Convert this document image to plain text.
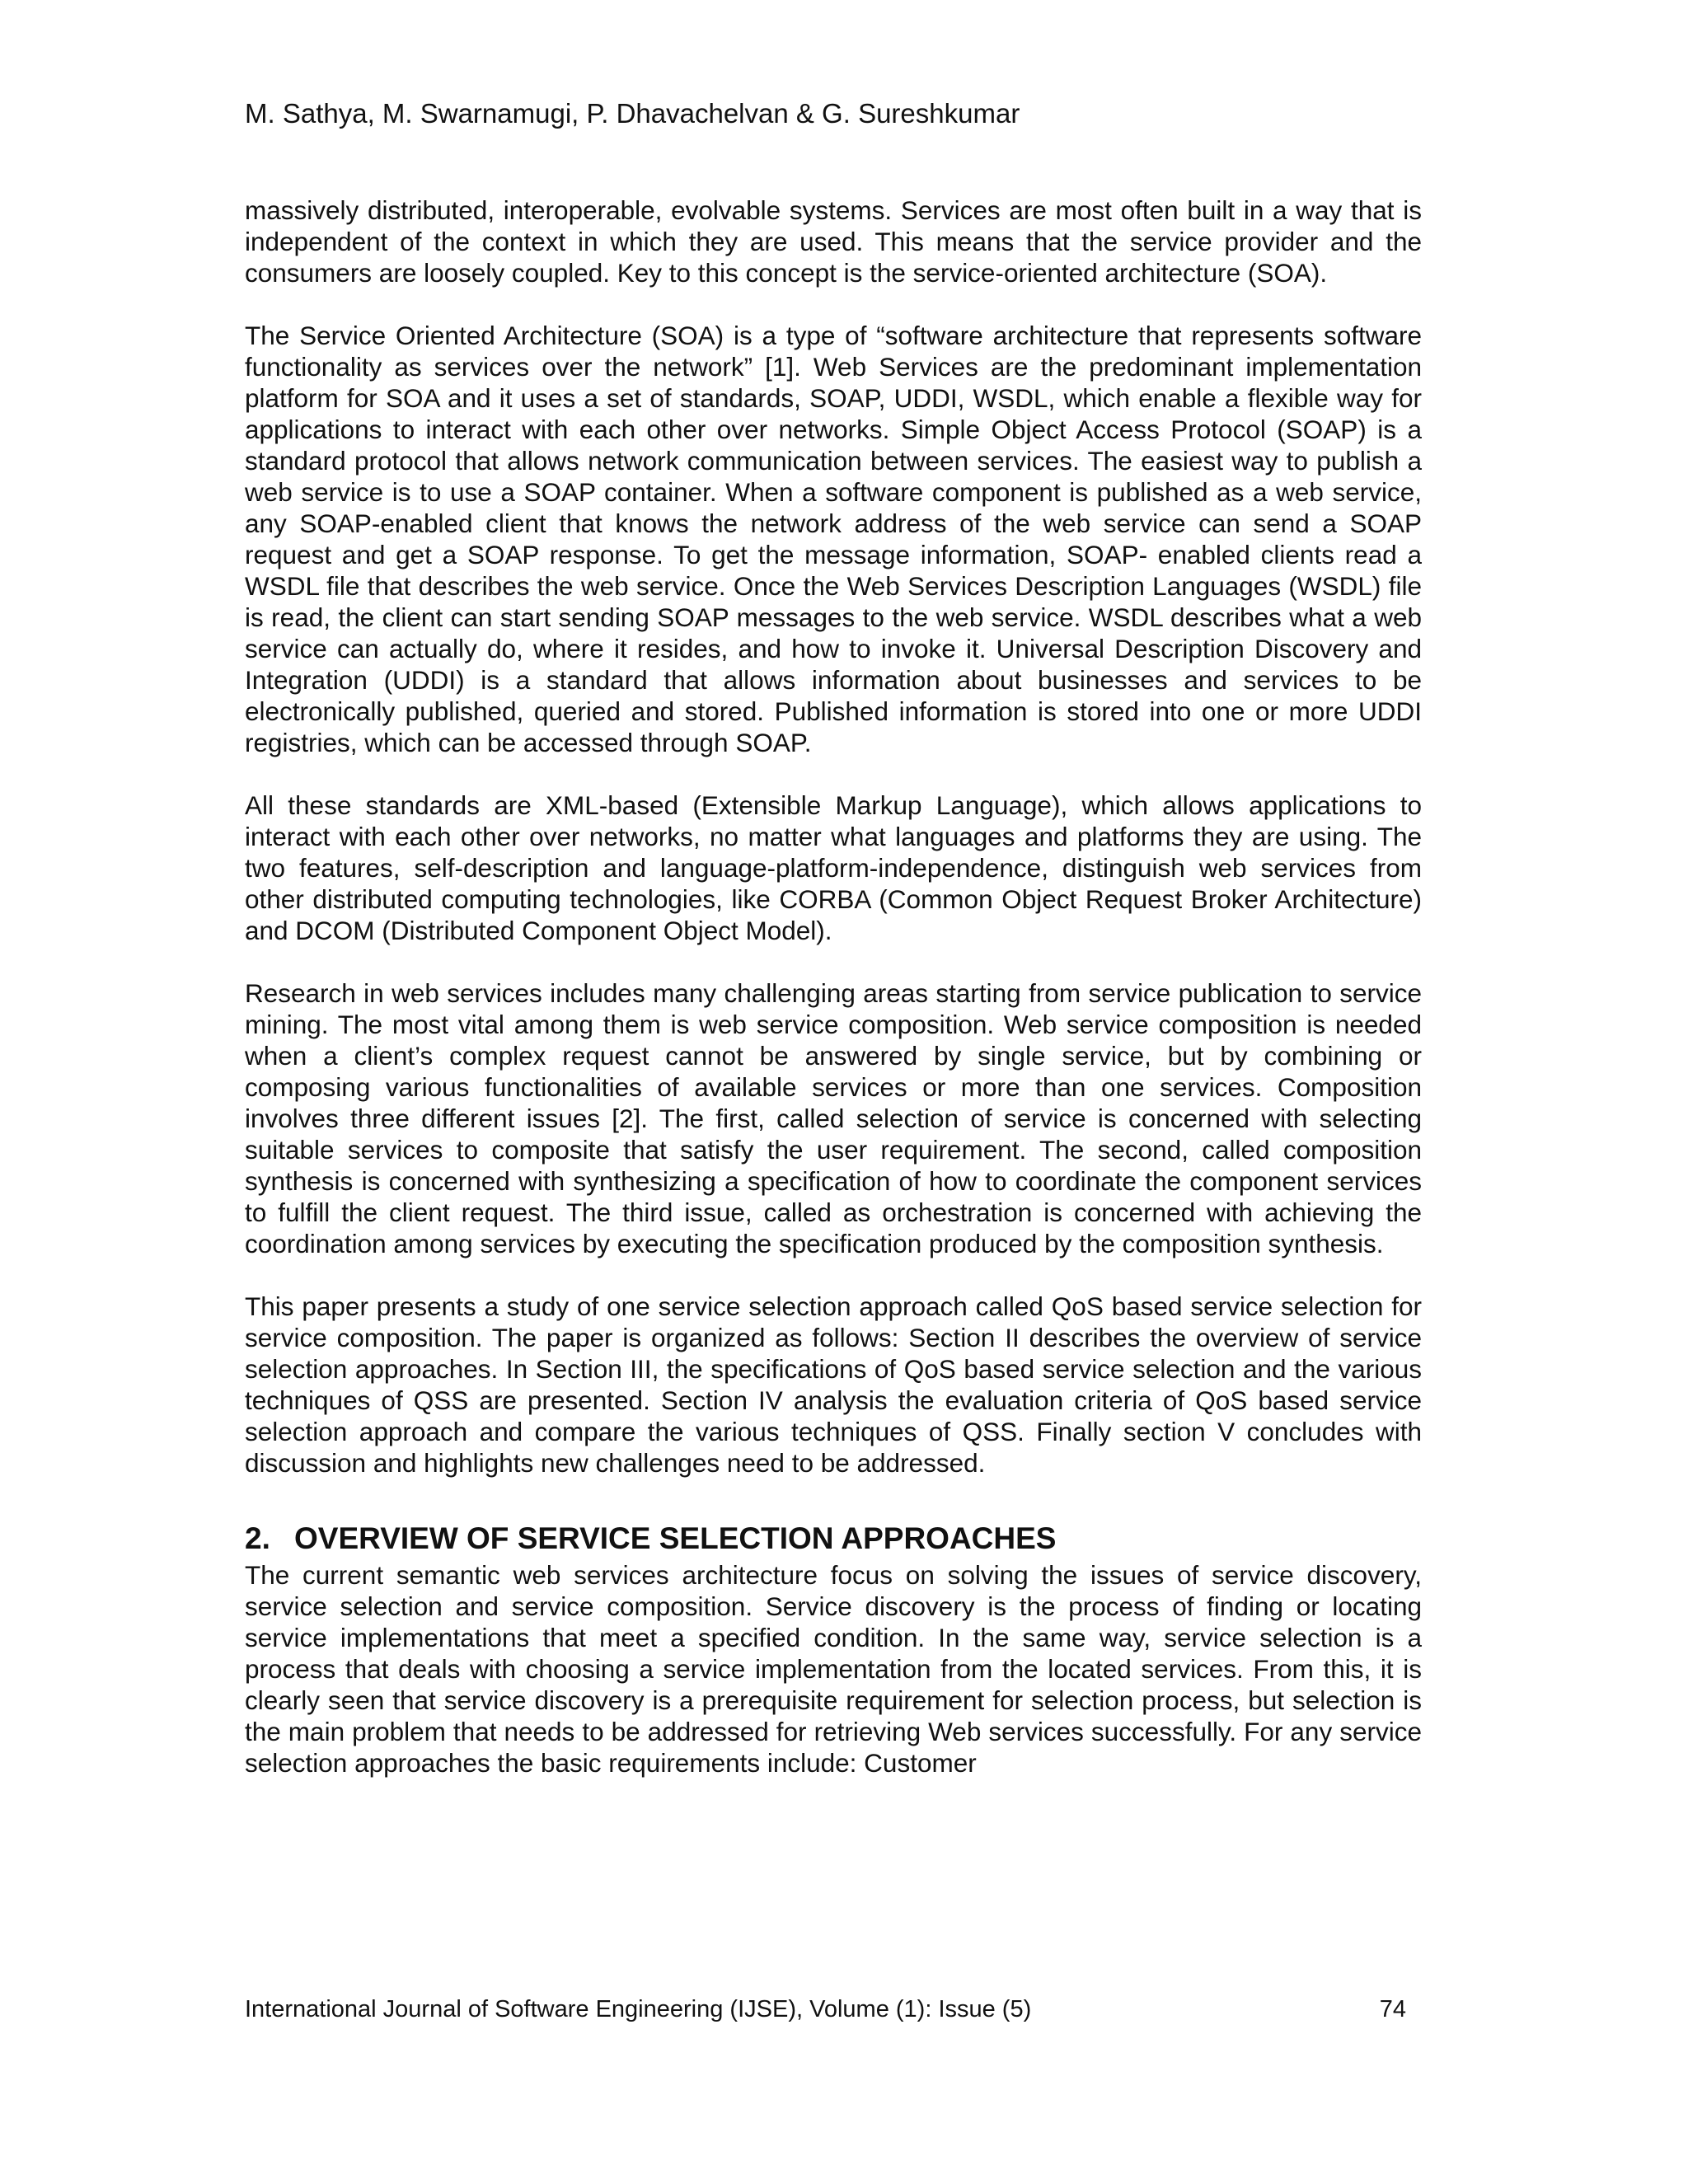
M. Sathya, M. Swarnamugi, P. Dhavachelvan & G. Sureshkumar

massively distributed, interoperable, evolvable systems. Services are most often built in a way that is independent of the context in which they are used. This means that the service provider and the consumers are loosely coupled. Key to this concept is the service-oriented architecture (SOA).

The Service Oriented Architecture (SOA) is a type of “software architecture that represents software functionality as services over the network” [1]. Web Services are the predominant implementation platform for SOA and it uses a set of standards, SOAP, UDDI, WSDL, which enable a flexible way for applications to interact with each other over networks. Simple Object Access Protocol (SOAP) is a standard protocol that allows network communication between services. The easiest way to publish a web service is to use a SOAP container. When a software component is published as a web service, any SOAP-enabled client that knows the network address of the web service can send a SOAP request and get a SOAP response. To get the message information, SOAP- enabled clients read a WSDL file that describes the web service. Once the Web Services Description Languages (WSDL) file is read, the client can start sending SOAP messages to the web service. WSDL describes what a web service can actually do, where it resides, and how to invoke it. Universal Description Discovery and Integration (UDDI) is a standard that allows information about businesses and services to be electronically published, queried and stored. Published information is stored into one or more UDDI registries, which can be accessed through SOAP.

All these standards are XML-based (Extensible Markup Language), which allows applications to interact with each other over networks, no matter what languages and platforms they are using. The two features, self-description and language-platform-independence, distinguish web services from other distributed computing technologies, like CORBA (Common Object Request Broker Architecture) and DCOM (Distributed Component Object Model).

Research in web services includes many challenging areas starting from service publication to service mining. The most vital among them is web service composition. Web service composition is needed when a client’s complex request cannot be answered by single service, but by combining or composing various functionalities of available services or more than one services. Composition involves three different issues [2]. The first, called selection of service is concerned with selecting suitable services to composite that satisfy the user requirement. The second, called composition synthesis is concerned with synthesizing a specification of how to coordinate the component services to fulfill the client request. The third issue, called as orchestration is concerned with achieving the coordination among services by executing the specification produced by the composition synthesis.

This paper presents a study of one service selection approach called QoS based service selection for service composition. The paper is organized as follows: Section II describes the overview of service selection approaches. In Section III, the specifications of QoS based service selection and the various techniques of QSS are presented. Section IV analysis the evaluation criteria of QoS based service selection approach and compare the various techniques of QSS. Finally section V concludes with discussion and highlights new challenges need to be addressed.

2. OVERVIEW OF SERVICE SELECTION APPROACHES

The current semantic web services architecture focus on solving the issues of service discovery, service selection and service composition. Service discovery is the process of finding or locating service implementations that meet a specified condition. In the same way, service selection is a process that deals with choosing a service implementation from the located services. From this, it is clearly seen that service discovery is a prerequisite requirement for selection process, but selection is the main problem that needs to be addressed for retrieving Web services successfully. For any service selection approaches the basic requirements include: Customer

International Journal of Software Engineering (IJSE), Volume (1): Issue (5)	74
